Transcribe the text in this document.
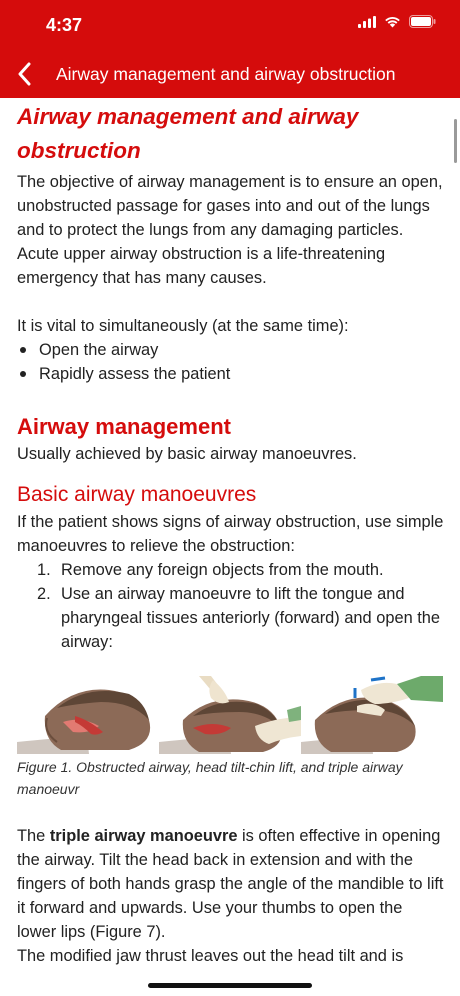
4:37
Airway management and airway obstruction
Airway management and airway obstruction

The objective of airway management is to ensure an open, unobstructed passage for gases into and out of the lungs and to protect the lungs from any damaging particles. Acute upper airway obstruction is a life-threatening emergency that has many causes.

It is vital to simultaneously (at the same time):

Open the airway
Rapidly assess the patient
Airway management

Usually achieved by basic airway manoeuvres.

Basic airway manoeuvres

If the patient shows signs of airway obstruction, use simple manoeuvres to relieve the obstruction:

1. Remove any foreign objects from the mouth.
2. Use an airway manoeuvre to lift the tongue and pharyngeal tissues anteriorly (forward) and open the airway:

Figure 1. Obstructed airway, head tilt-chin lift, and triple airway manoeuvr

The triple airway manoeuvre is often effective in opening the airway. Tilt the head back in extension and with the fingers of both hands grasp the angle of the mandible to lift it forward and upwards. Use your thumbs to open the lower lips (Figure 7).

The modified jaw thrust leaves out the head tilt and is
